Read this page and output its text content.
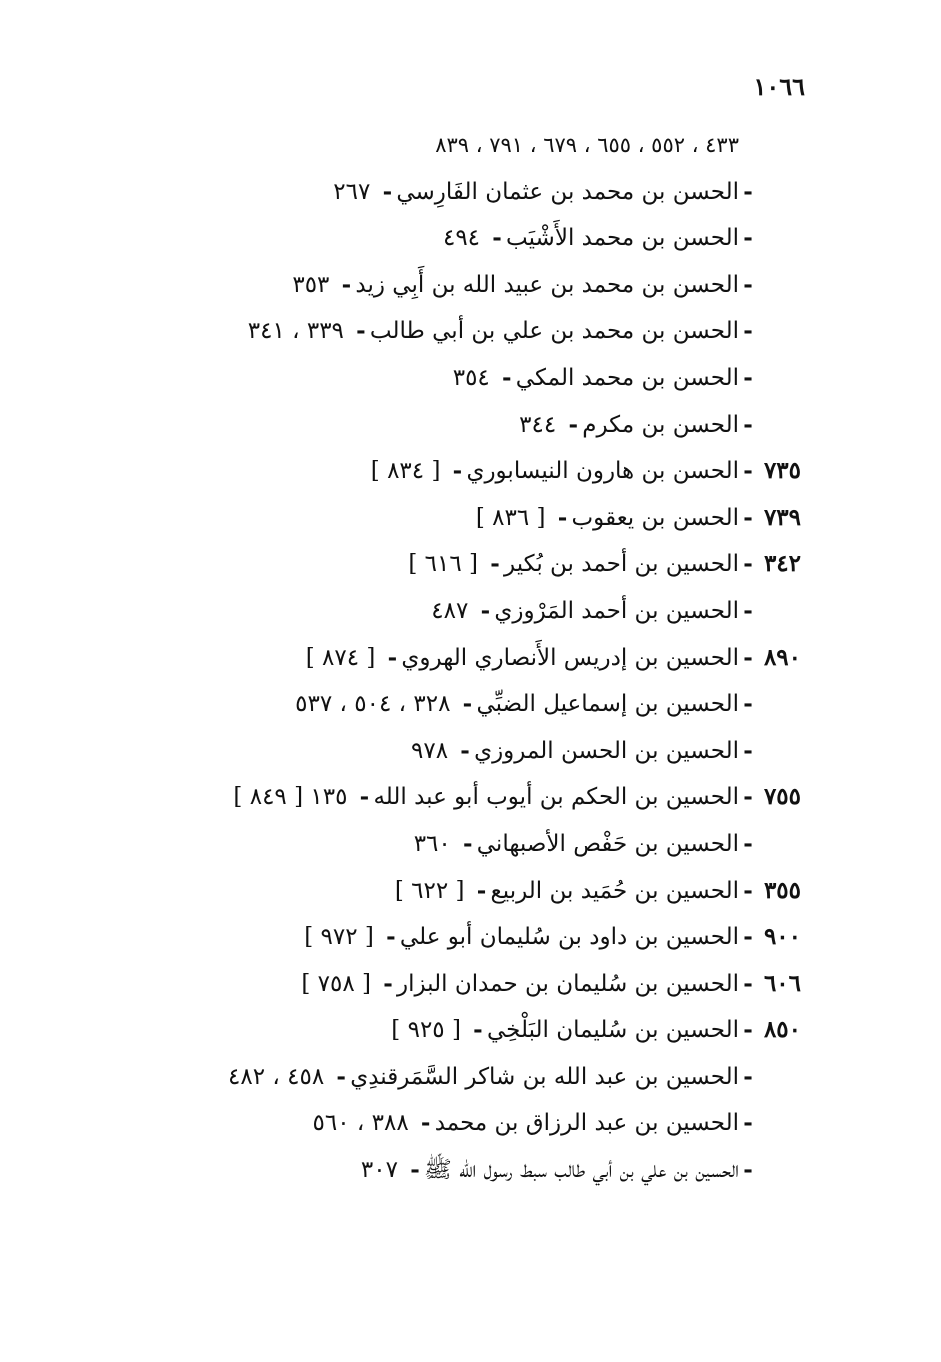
١٠٦٦
٤٣٣ ، ٥٥٢ ، ٦٥٥ ، ٦٧٩ ، ٧٩١ ، ٨٣٩
-
الحسن بن محمد بن عثمان الفَارِسي
-
٢٦٧
-
الحسن بن محمد الأَشْيَب
-
٤٩٤
-
الحسن بن محمد بن عبيد الله بن أَبِي زيد
-
٣٥٣
-
الحسن بن محمد بن علي بن أبي طالب
-
٣٣٩ ، ٣٤١
-
الحسن بن محمد المكي
-
٣٥٤
-
الحسن بن مكرم
-
٣٤٤
٧٣٥
-
الحسن بن هارون النيسابوري
-
[ ٨٣٤ ]
٧٣٩
-
الحسن بن يعقوب
-
[ ٨٣٦ ]
٣٤٢
-
الحسين بن أحمد بن بُكير
-
[ ٦١٦ ]
-
الحسين بن أحمد المَرْوزي
-
٤٨٧
٨٩٠
-
الحسين بن إدريس الأَنصاري الهروي
-
[ ٨٧٤ ]
-
الحسين بن إسماعيل الضبِّي
-
٣٢٨ ، ٥٠٤ ، ٥٣٧
-
الحسين بن الحسن المروزي
-
٩٧٨
٧٥٥
-
الحسين بن الحكم بن أيوب أبو عبد الله
-
١٣٥ [ ٨٤٩ ]
-
الحسين بن حَفْص الأصبهاني
-
٣٦٠
٣٥٥
-
الحسين بن حُمَيد بن الربيع
-
[ ٦٢٢ ]
٩٠٠
-
الحسين بن داود بن سُليمان أبو علي
-
[ ٩٧٢ ]
٦٠٦
-
الحسين بن سُليمان بن حمدان البزار
-
[ ٧٥٨ ]
٨٥٠
-
الحسين بن سُليمان البَلْخِي
-
[ ٩٢٥ ]
-
الحسين بن عبد الله بن شاكر السَّمَرقندِي
-
٤٥٨ ، ٤٨٢
-
الحسين بن عبد الرزاق بن محمد
-
٣٨٨ ، ٥٦٠
-
الحسين بن علي بن أبي طالب سبط رسول الله ﷺ
-
٣٠٧
